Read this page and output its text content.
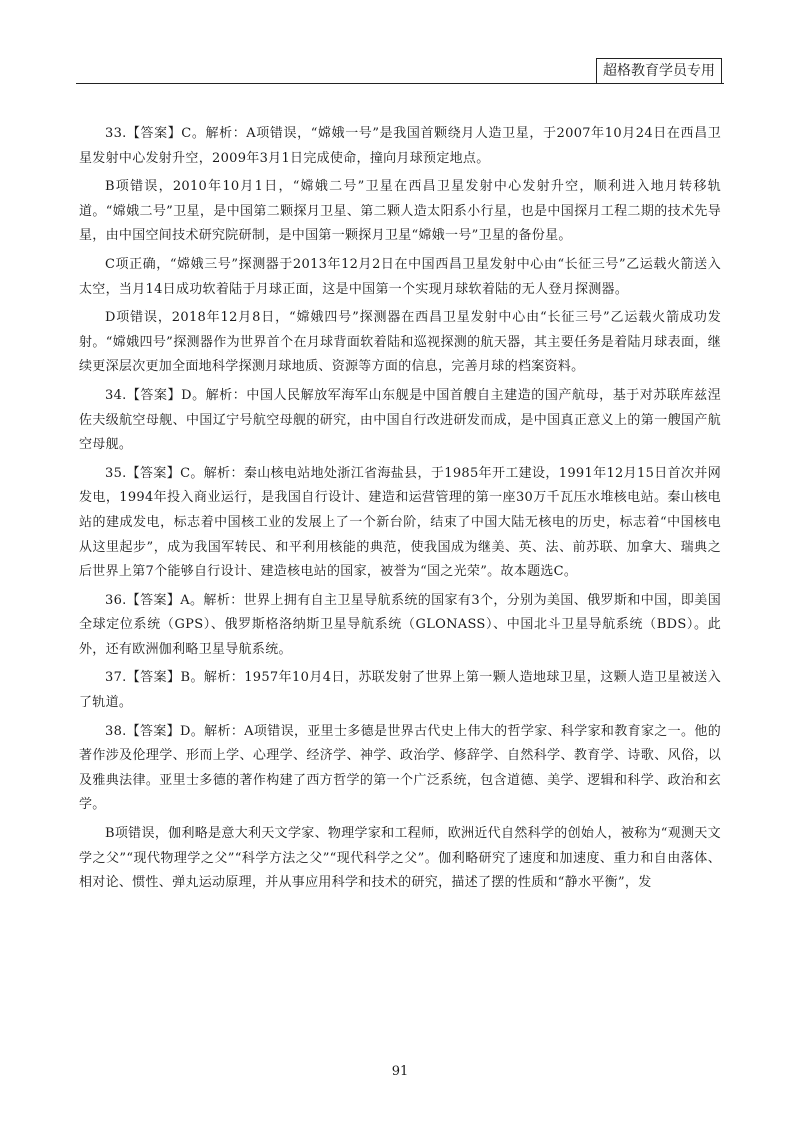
超格教育学员专用

33.【答案】C。解析：A项错误，“嫦娥一号”是我国首颗绕月人造卫星，于2007年10月24日在西昌卫星发射中心发射升空，2009年3月1日完成使命，撞向月球预定地点。

B项错误，2010年10月1日，“嫦娥二号”卫星在西昌卫星发射中心发射升空，顺利进入地月转移轨道。“嫦娥二号”卫星，是中国第二颗探月卫星、第二颗人造太阳系小行星，也是中国探月工程二期的技术先导星，由中国空间技术研究院研制，是中国第一颗探月卫星“嫦娥一号”卫星的备份星。

C项正确，“嫦娥三号”探测器于2013年12月2日在中国西昌卫星发射中心由“长征三号”乙运载火箭送入太空，当月14日成功软着陆于月球正面，这是中国第一个实现月球软着陆的无人登月探测器。

D项错误，2018年12月8日，“嫦娥四号”探测器在西昌卫星发射中心由“长征三号”乙运载火箭成功发射。“嫦娥四号”探测器作为世界首个在月球背面软着陆和巡视探测的航天器，其主要任务是着陆月球表面，继续更深层次更加全面地科学探测月球地质、资源等方面的信息，完善月球的档案资料。

34.【答案】D。解析：中国人民解放军海军山东舰是中国首艘自主建造的国产航母，基于对苏联库兹涅佐夫级航空母舰、中国辽宁号航空母舰的研究，由中国自行改进研发而成，是中国真正意义上的第一艘国产航空母舰。

35.【答案】C。解析：秦山核电站地处浙江省海盐县，于1985年开工建设，1991年12月15日首次并网发电，1994年投入商业运行，是我国自行设计、建造和运营管理的第一座30万千瓦压水堆核电站。秦山核电站的建成发电，标志着中国核工业的发展上了一个新台阶，结束了中国大陆无核电的历史，标志着“中国核电从这里起步”，成为我国军转民、和平利用核能的典范，使我国成为继美、英、法、前苏联、加拿大、瑞典之后世界上第7个能够自行设计、建造核电站的国家，被誉为“国之光荣”。故本题选C。

36.【答案】A。解析：世界上拥有自主卫星导航系统的国家有3个，分别为美国、俄罗斯和中国，即美国全球定位系统（GPS）、俄罗斯格洛纳斯卫星导航系统（GLONASS）、中国北斗卫星导航系统（BDS）。此外，还有欧洲伽利略卫星导航系统。

37.【答案】B。解析：1957年10月4日，苏联发射了世界上第一颗人造地球卫星，这颗人造卫星被送入了轨道。

38.【答案】D。解析：A项错误，亚里士多德是世界古代史上伟大的哲学家、科学家和教育家之一。他的著作涉及伦理学、形而上学、心理学、经济学、神学、政治学、修辞学、自然科学、教育学、诗歌、风俗，以及雅典法律。亚里士多德的著作构建了西方哲学的第一个广泛系统，包含道德、美学、逻辑和科学、政治和玄学。

B项错误，伽利略是意大利天文学家、物理学家和工程师，欧洲近代自然科学的创始人，被称为“观测天文学之父”“现代物理学之父”“科学方法之父”“现代科学之父”。伽利略研究了速度和加速度、重力和自由落体、相对论、惯性、弹丸运动原理，并从事应用科学和技术的研究，描述了摆的性质和“静水平衡”，发

91
